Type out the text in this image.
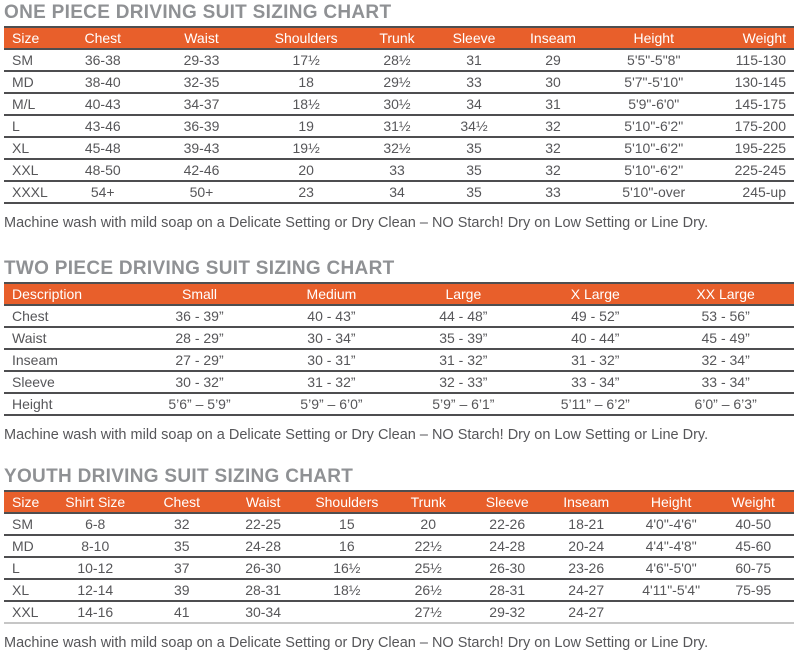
ONE PIECE DRIVING SUIT SIZING CHART
Size	Chest	Waist	Shoulders	Trunk	Sleeve	Inseam	Height	Weight
SM	36-38	29-33	17½	28½	31	29	5'5"-5"8"	115-130
MD	38-40	32-35	18	29½	33	30	5'7"-5'10"	130-145
M/L	40-43	34-37	18½	30½	34	31	5'9"-6'0"	145-175
L	43-46	36-39	19	31½	34½	32	5'10"-6'2"	175-200
XL	45-48	39-43	19½	32½	35	32	5'10"-6'2"	195-225
XXL	48-50	42-46	20	33	35	32	5'10"-6'2"	225-245
XXXL	54+	50+	23	34	35	33	5'10"-over	245-up

Machine wash with mild soap on a Delicate Setting or Dry Clean – NO Starch! Dry on Low Setting or Line Dry.

TWO PIECE DRIVING SUIT SIZING CHART
Description	Small	Medium	Large	X Large	XX Large
Chest	36 - 39”	40 - 43”	44 - 48”	49 - 52”	53 - 56”
Waist	28 - 29”	30 - 34”	35 - 39”	40 - 44”	45 - 49”
Inseam	27 - 29”	30 - 31”	31 - 32”	31 - 32”	32 - 34”
Sleeve	30 - 32”	31 - 32”	32 - 33”	33 - 34”	33 - 34”
Height	5’6” – 5’9”	5’9” – 6’0”	5’9” – 6’1”	5’11” – 6’2”	6’0” – 6’3”

Machine wash with mild soap on a Delicate Setting or Dry Clean – NO Starch! Dry on Low Setting or Line Dry.

YOUTH DRIVING SUIT SIZING CHART
Size	Shirt Size	Chest	Waist	Shoulders	Trunk	Sleeve	Inseam	Height	Weight
SM	6-8	32	22-25	15	20	22-26	18-21	4'0"-4'6"	40-50
MD	8-10	35	24-28	16	22½	24-28	20-24	4'4"-4'8"	45-60
L	10-12	37	26-30	16½	25½	26-30	23-26	4'6"-5'0"	60-75
XL	12-14	39	28-31	18½	26½	28-31	24-27	4'11"-5'4"	75-95
XXL	14-16	41	30-34		27½	29-32	24-27		

Machine wash with mild soap on a Delicate Setting or Dry Clean – NO Starch! Dry on Low Setting or Line Dry.
